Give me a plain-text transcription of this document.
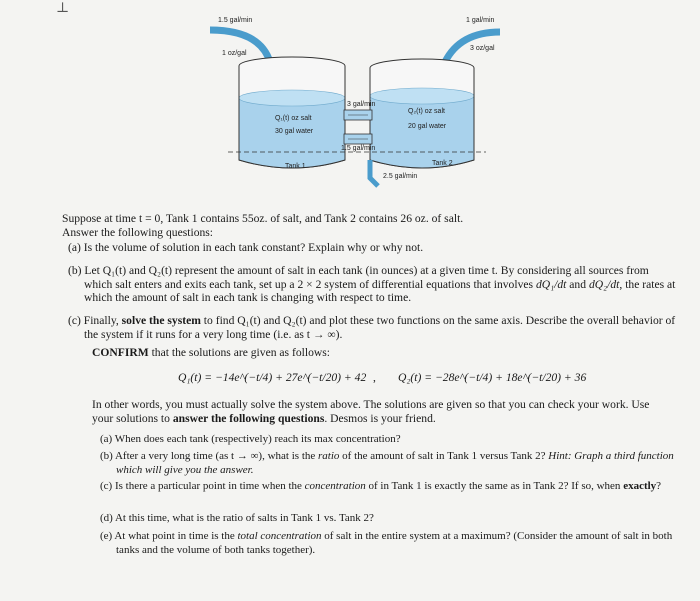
⊥
1.5 gal/min
1 oz/gal
1 gal/min
3 oz/gal
3 gal/min
1.5 gal/min
2.5 gal/min
Q₁(t) oz salt
30 gal water
Tank 1
Q₂(t) oz salt
20 gal water
Tank 2
Suppose at time t = 0, Tank 1 contains 55oz. of salt, and Tank 2 contains 26 oz. of salt.
Answer the following questions:
(a) Is the volume of solution in each tank constant? Explain why or why not.
(b) Let Q₁(t) and Q₂(t) represent the amount of salt in each tank (in ounces) at a given time t. By considering all sources from which salt enters and exits each tank, set up a 2 × 2 system of differential equations that involves dQ₁/dt and dQ₂/dt, the rates at which the amount of salt in each tank is changing with respect to time.
(c) Finally, solve the system to find Q₁(t) and Q₂(t) and plot these two functions on the same axis. Describe the overall behavior of the system if it runs for a very long time (i.e. as t → ∞).
CONFIRM that the solutions are given as follows:
Q₁(t) = −14e^(−t/4) + 27e^(−t/20) + 42 , Q₂(t) = −28e^(−t/4) + 18e^(−t/20) + 36
In other words, you must actually solve the system above. The solutions are given so that you can check your work. Use your solutions to answer the following questions. Desmos is your friend.
(a) When does each tank (respectively) reach its max concentration?
(b) After a very long time (as t → ∞), what is the ratio of the amount of salt in Tank 1 versus Tank 2? Hint: Graph a third function which will give you the answer.
(c) Is there a particular point in time when the concentration of in Tank 1 is exactly the same as in Tank 2? If so, when exactly?
(d) At this time, what is the ratio of salts in Tank 1 vs. Tank 2?
(e) At what point in time is the total concentration of salt in the entire system at a maximum? (Consider the amount of salt in both tanks and the volume of both tanks together).
